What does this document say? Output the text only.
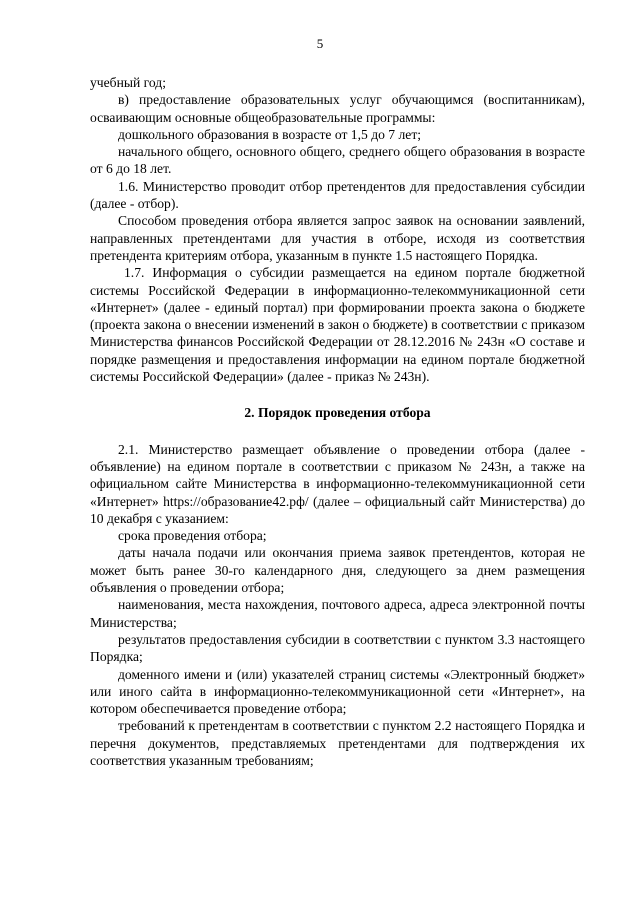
5

учебный год;

в) предоставление образовательных услуг обучающимся (воспитанникам), осваивающим основные общеобразовательные программы:

дошкольного образования в возрасте от 1,5 до 7 лет;

начального общего, основного общего, среднего общего образования в возрасте от 6 до 18 лет.

1.6. Министерство проводит отбор претендентов для предоставления субсидии (далее - отбор).

Способом проведения отбора является запрос заявок на основании заявлений, направленных претендентами для участия в отборе, исходя из соответствия претендента критериям отбора, указанным в пункте 1.5 настоящего Порядка.

1.7. Информация о субсидии размещается на едином портале бюджетной системы Российской Федерации в информационно-телекоммуникационной сети «Интернет» (далее - единый портал) при формировании проекта закона о бюджете (проекта закона о внесении изменений в закон о бюджете) в соответствии с приказом Министерства финансов Российской Федерации от 28.12.2016 № 243н «О составе и порядке размещения и предоставления информации на едином портале бюджетной системы Российской Федерации» (далее - приказ № 243н).

2. Порядок проведения отбора

2.1. Министерство размещает объявление о проведении отбора (далее - объявление) на едином портале в соответствии с приказом № 243н, а также на официальном сайте Министерства в информационно-телекоммуникационной сети «Интернет» https://образование42.рф/ (далее – официальный сайт Министерства) до 10 декабря с указанием:

срока проведения отбора;

даты начала подачи или окончания приема заявок претендентов, которая не может быть ранее 30-го календарного дня, следующего за днем размещения объявления о проведении отбора;

наименования, места нахождения, почтового адреса, адреса электронной почты Министерства;

результатов предоставления субсидии в соответствии с пунктом 3.3 настоящего Порядка;

доменного имени и (или) указателей страниц системы «Электронный бюджет» или иного сайта в информационно-телекоммуникационной сети «Интернет», на котором обеспечивается проведение отбора;

требований к претендентам в соответствии с пунктом 2.2 настоящего Порядка и перечня документов, представляемых претендентами для подтверждения их соответствия указанным требованиям;
